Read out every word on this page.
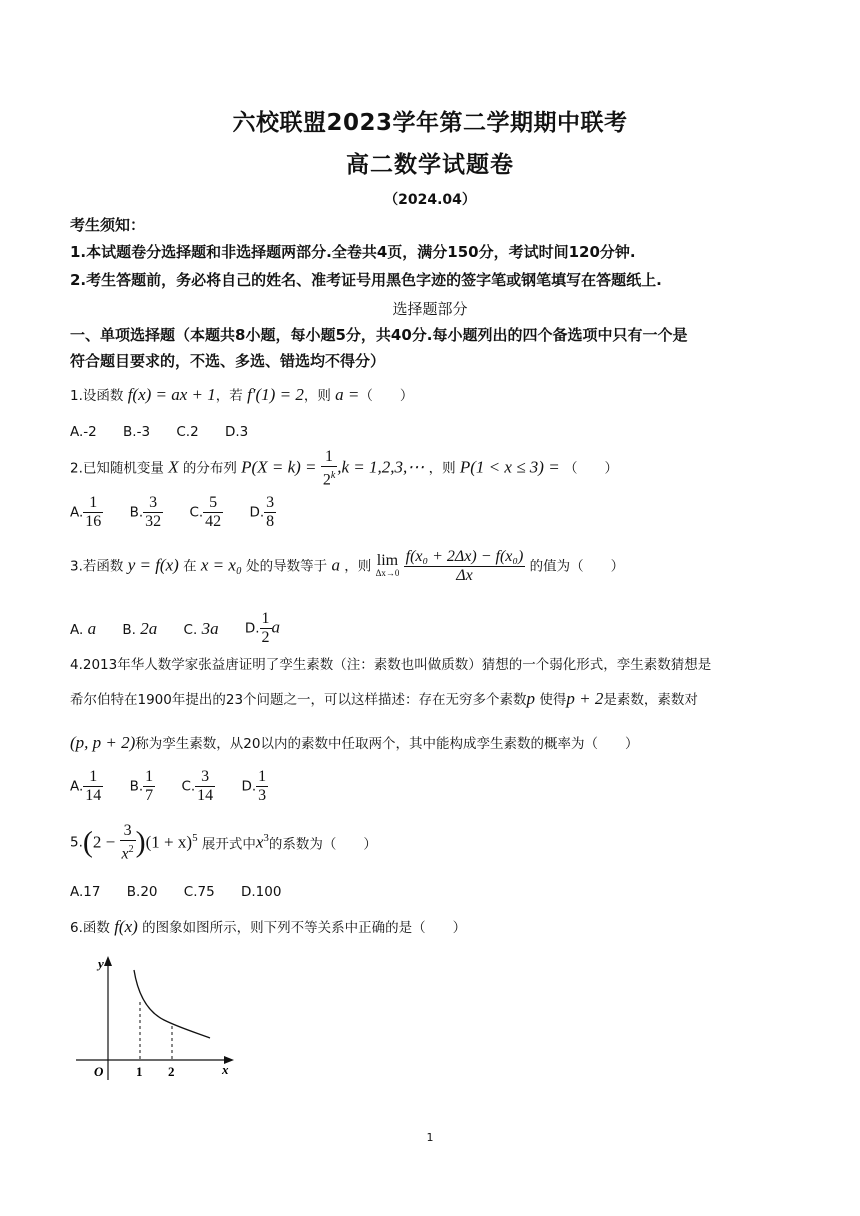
六校联盟2023学年第二学期期中联考
高二数学试题卷
（2024.04）
考生须知：
1.本试题卷分选择题和非选择题两部分.全卷共4页，满分150分，考试时间120分钟.
2.考生答题前，务必将自己的姓名、准考证号用黑色字迹的签字笔或钢笔填写在答题纸上.
选择题部分
一、单项选择题（本题共8小题，每小题5分，共40分.每小题列出的四个备选项中只有一个是
符合题目要求的，不选、多选、错选均不得分）
1.设函数 f(x) = ax + 1，若 f′(1) = 2，则 a =（　　）
A.-2 B.-3 C.2 D.3
2.已知随机变量 X 的分布列 $P(X = k) = \frac{1}{2^k} ,k$ = 1,2,3,⋯ ，则 P(1 < x ≤ 3) = （　　）
A. $\frac{1}{16} B$. $\frac{3}{32} C$. $\frac{5}{42} D$. $\frac{3}{8}$
3.若函数 y = f(x) 在 x = x₀ 处的导数等于 a ，则 lim
Δx→0
$\frac{\text{f(x₀ + 2Δx) − f(x₀)}}{\Delta x}$ 的值为（　　）
A. a B. 2a C. 3a D. $\frac{1}{2}$ a
4.2013年华人数学家张益唐证明了孪生素数（注：素数也叫做质数）猜想的一个弱化形式，孪生素数猜想是
希尔伯特在1900年提出的23个问题之一，可以这样描述：存在无穷多个素数p 使得p + 2是素数，素数对
(p, p + 2)称为孪生素数，从20以内的素数中任取两个，其中能构成孪生素数的概率为（　　）
A. $\frac{1}{14} B$. $\frac{1}{7} C$. $\frac{3}{14} D$. $\frac{1}{3}$
$5.(2 - \frac{3}{x^2} )(1 + x)^5$ 展开式中$x^3$的系数为（　　）
A.17 B.20 C.75 D.100
6.函数 f(x) 的图象如图所示，则下列不等关系中正确的是（　　）
y
x
O	1 2
1
